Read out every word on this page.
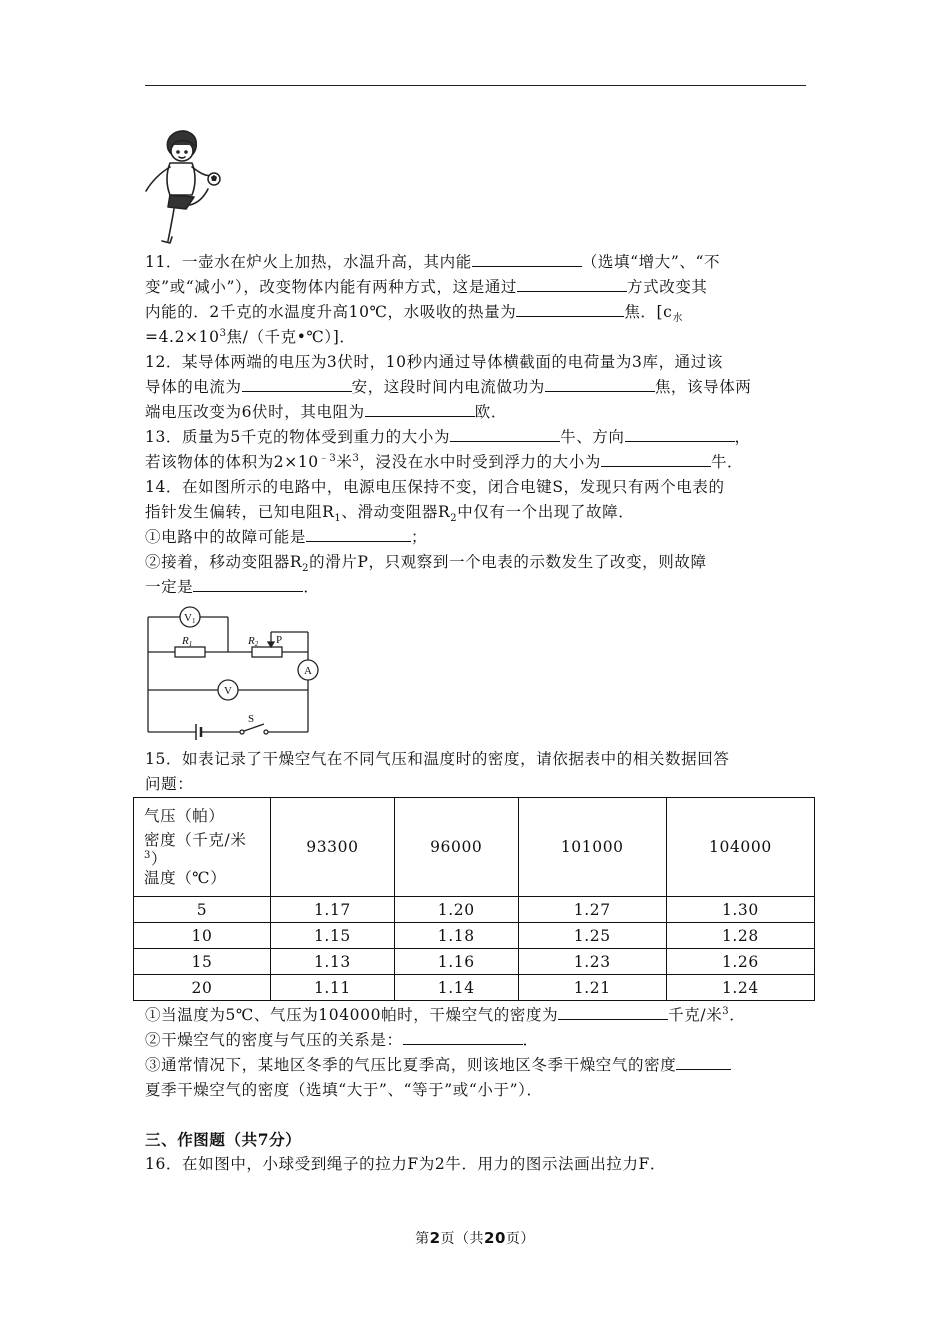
11．一壶水在炉火上加热，水温升高，其内能	（选填“增大”、“不
变”或“减小”），改变物体内能有两种方式，这是通过	方式改变其
内能的．2千克的水温度升高10℃，水吸收的热量为	焦．[$c_水$
$=4.2\times 10^3$焦/（千克•℃）]．
12．某导体两端的电压为3伏时，10秒内通过导体横截面的电荷量为3库，通过该
导体的电流为	安，这段时间内电流做功为	焦，该导体两
端电压改变为6伏时，其电阻为	欧．
13．质量为5千克的物体受到重力的大小为	牛、方向	，
若该物体的体积为$2\times 10^{﹣3}$米$^3$，浸没在水中时受到浮力的大小为	牛．
14．在如图所示的电路中，电源电压保持不变，闭合电键S，发现只有两个电表的
指针发生偏转，已知电阻$R_1$、滑动变阻器$R_2$中仅有一个出现了故障．
①电路中的故障可能是	；
②接着，移动变阻器$R_2$的滑片P，只观察到一个电表的示数发生了改变，则故障
一定是	．
V1
R1	R2 P
A
V
S
15．如表记录了干燥空气在不同气压和温度时的密度，请依据表中的相关数据回答
问题：
气压（帕）
密度（千克/米
$^3$）
温度（℃）	93300	96000	101000	104000
5	1.17	1.20	1.27	1.30
10	1.15	1.18	1.25	1.28
15	1.13	1.16	1.23	1.26
20	1.11	1.14	1.21	1.24
①当温度为5℃、气压为104000帕时，干燥空气的密度为	千克/米$^3$．
②干燥空气的密度与气压的关系是：	．
③通常情况下，某地区冬季的气压比夏季高，则该地区冬季干燥空气的密度
夏季干燥空气的密度（选填“大于”、“等于”或“小于”）．
三、作图题（共7分）
16．在如图中，小球受到绳子的拉力F为2牛．用力的图示法画出拉力F．
第2页（共20页）
